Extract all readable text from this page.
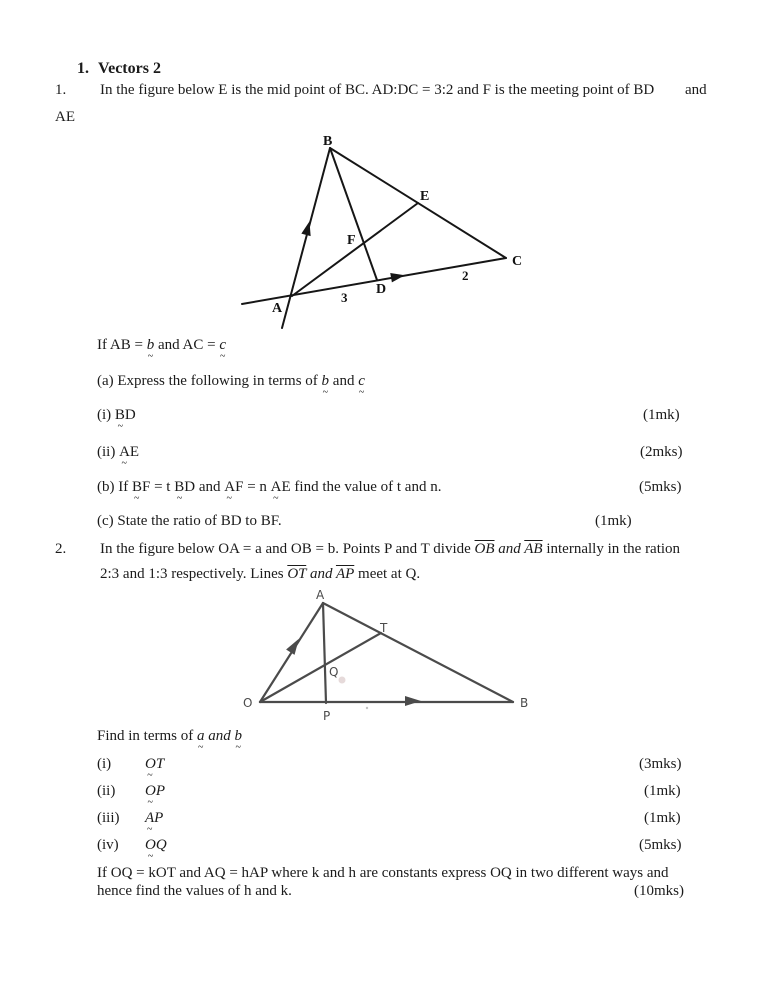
1. Vectors 2
1. In the figure below E is the mid point of BC. AD:DC = 3:2 and F is the meeting point of BD and
AE
B
E
F
C
D
A
3
2
If AB = b ~ and AC = c ~
(a) Express the following in terms of b ~ and c ~
(i) BD ~	(1mk)
(ii) AE ~	(2mks)
(b) If BF ~ = t BD ~ and AF ~ = n AE ~ find the value of t and n.	(5mks)
(c) State the ratio of BD to BF.	(1mk)
2. In the figure below OA = a and OB = b. Points P and T divide $\overline{OB}$ and $\overline{AB}$ internally in the ration
2:3 and 1:3 respectively. Lines $\overline{OT}$ and $\overline{AP}$ meet at Q.
A
T
Q
O
P
B
Find in terms of a ~ and b ~
(i) OT ~	(3mks)
(ii) OP ~	(1mk)
(iii) AP ~	(1mk)
(iv) OQ ~	(5mks)
If OQ = kOT and AQ = hAP where k and h are constants express OQ in two different ways and
hence find the values of h and k.	(10mks)
